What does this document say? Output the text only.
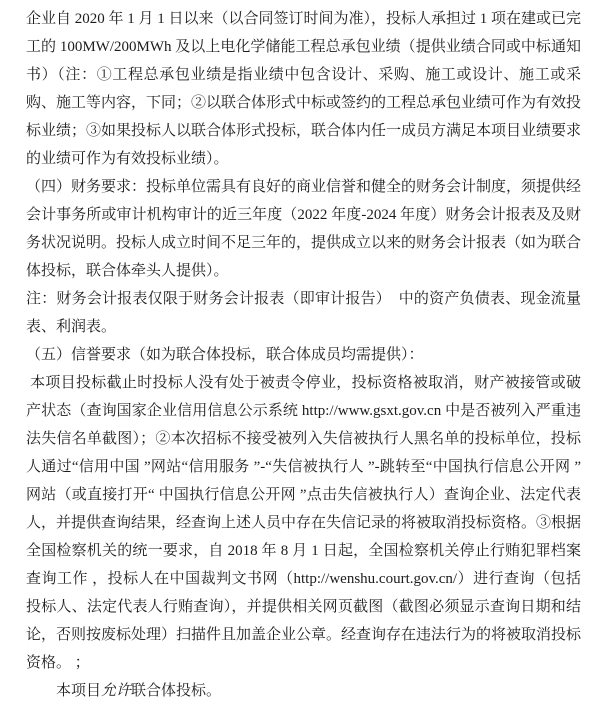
企业自 2020 年 1 月 1 日以来（以合同签订时间为准），投标人承担过 1 项在建或已完工的 100MW/200MWh 及以上电化学储能工程总承包业绩（提供业绩合同或中标通知书）（注：①工程总承包业绩是指业绩中包含设计、采购、施工或设计、施工或采购、施工等内容，下同；②以联合体形式中标或签约的工程总承包业绩可作为有效投标业绩；③如果投标人以联合体形式投标，联合体内任一成员方满足本项目业绩要求的业绩可作为有效投标业绩）。

（四）财务要求：投标单位需具有良好的商业信誉和健全的财务会计制度，须提供经会计事务所或审计机构审计的近三年度（2022 年度-2024 年度）财务会计报表及及财务状况说明。投标人成立时间不足三年的，提供成立以来的财务会计报表（如为联合体投标，联合体牵头人提供）。

注：财务会计报表仅限于财务会计报表（即审计报告）　中的资产负债表、现金流量表、利润表。

（五）信誉要求（如为联合体投标，联合体成员均需提供）：

本项目投标截止时投标人没有处于被责令停业，投标资格被取消，财产被接管或破产状态（查询国家企业信用信息公示系统 http://www.gsxt.gov.cn 中是否被列入严重违法失信名单截图）；②本次招标不接受被列入失信被执行人黑名单的投标单位，投标人通过“信用中国 ”网站“信用服务 ”-“失信被执行人 ”-跳转至“中国执行信息公开网 ”网站（或直接打开“ 中国执行信息公开网 ”点击失信被执行人）查询企业、法定代表人，并提供查询结果，经查询上述人员中存在失信记录的将被取消投标资格。③根据全国检察机关的统一要求，自 2018 年 8 月 1 日起，全国检察机关停止行贿犯罪档案查询工作 ，投标人在中国裁判文书网（http://wenshu.court.gov.cn/）进行查询（包括投标人、法定代表人行贿查询），并提供相关网页截图（截图必须显示查询日期和结论，否则按废标处理）扫描件且加盖企业公章。经查询存在违法行为的将被取消投标资格。 ；

本项目允许联合体投标。
